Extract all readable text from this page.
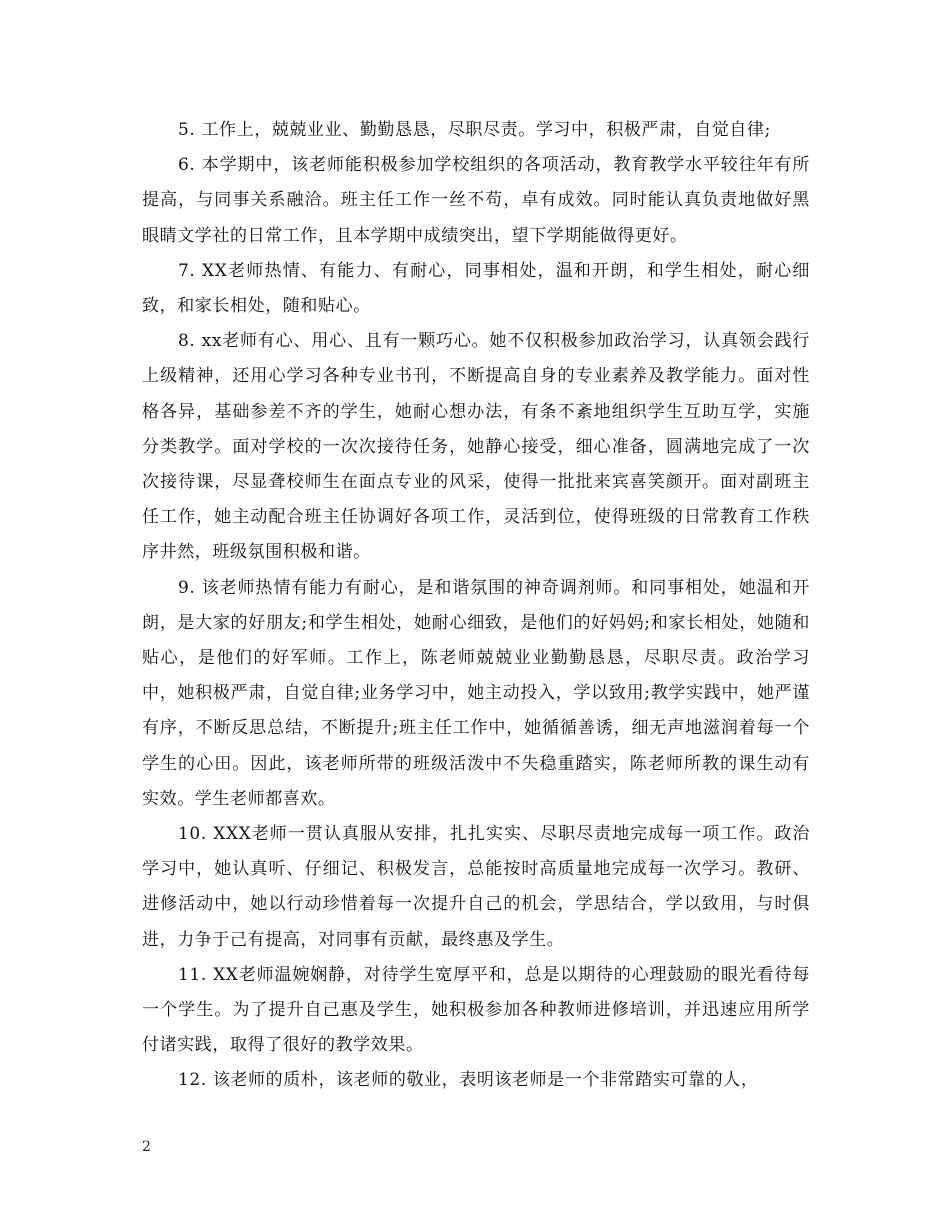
5. 工作上，兢兢业业、勤勤恳恳，尽职尽责。学习中，积极严肃，自觉自律;

6. 本学期中，该老师能积极参加学校组织的各项活动，教育教学水平较往年有所提高，与同事关系融洽。班主任工作一丝不苟，卓有成效。同时能认真负责地做好黑眼睛文学社的日常工作，且本学期中成绩突出，望下学期能做得更好。

7. XX老师热情、有能力、有耐心，同事相处，温和开朗，和学生相处，耐心细致，和家长相处，随和贴心。

8. xx老师有心、用心、且有一颗巧心。她不仅积极参加政治学习，认真领会践行上级精神，还用心学习各种专业书刊，不断提高自身的专业素养及教学能力。面对性格各异，基础参差不齐的学生，她耐心想办法，有条不紊地组织学生互助互学，实施分类教学。面对学校的一次次接待任务，她静心接受，细心准备，圆满地完成了一次次接待课，尽显聋校师生在面点专业的风采，使得一批批来宾喜笑颜开。面对副班主任工作，她主动配合班主任协调好各项工作，灵活到位，使得班级的日常教育工作秩序井然，班级氛围积极和谐。

9. 该老师热情有能力有耐心，是和谐氛围的神奇调剂师。和同事相处，她温和开朗，是大家的好朋友;和学生相处，她耐心细致，是他们的好妈妈;和家长相处，她随和贴心，是他们的好军师。工作上，陈老师兢兢业业勤勤恳恳，尽职尽责。政治学习中，她积极严肃，自觉自律;业务学习中，她主动投入，学以致用;教学实践中，她严谨有序，不断反思总结，不断提升;班主任工作中，她循循善诱，细无声地滋润着每一个学生的心田。因此，该老师所带的班级活泼中不失稳重踏实，陈老师所教的课生动有实效。学生老师都喜欢。

10. XXX老师一贯认真服从安排，扎扎实实、尽职尽责地完成每一项工作。政治学习中，她认真听、仔细记、积极发言，总能按时高质量地完成每一次学习。教研、进修活动中，她以行动珍惜着每一次提升自己的机会，学思结合，学以致用，与时俱进，力争于己有提高，对同事有贡献，最终惠及学生。

11. XX老师温婉娴静，对待学生宽厚平和，总是以期待的心理鼓励的眼光看待每一个学生。为了提升自己惠及学生，她积极参加各种教师进修培训，并迅速应用所学付诸实践，取得了很好的教学效果。

12. 该老师的质朴，该老师的敬业，表明该老师是一个非常踏实可靠的人，

2
